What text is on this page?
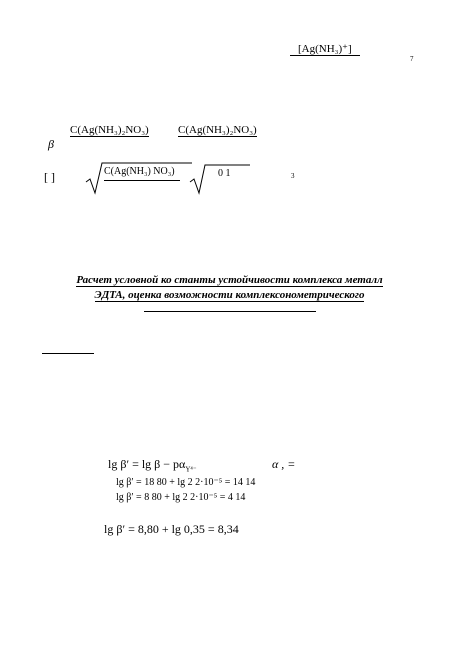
[Ag(NH₃)⁺]
7
β
C(Ag(NH₃)₂NO₃)	C(Ag(NH₃)₂NO₃)
[ ]	C(Ag(NH₃) NO₃)	0 1	3
Расчет условной ко станты устойчивости комплекса металл
ЭДТА, оценка возможности комплексонометрического
$\lg \beta' = \lg \beta - p\alpha_{Y^{4-}}$	α , =
lg β′ = 18 80 + lg 2 2·10⁻⁵ = 14 14
lg β′ = 8 80 + lg 2 2·10⁻⁵ = 4 14
lg β′ = 8,80 + lg 0,35 = 8,34
